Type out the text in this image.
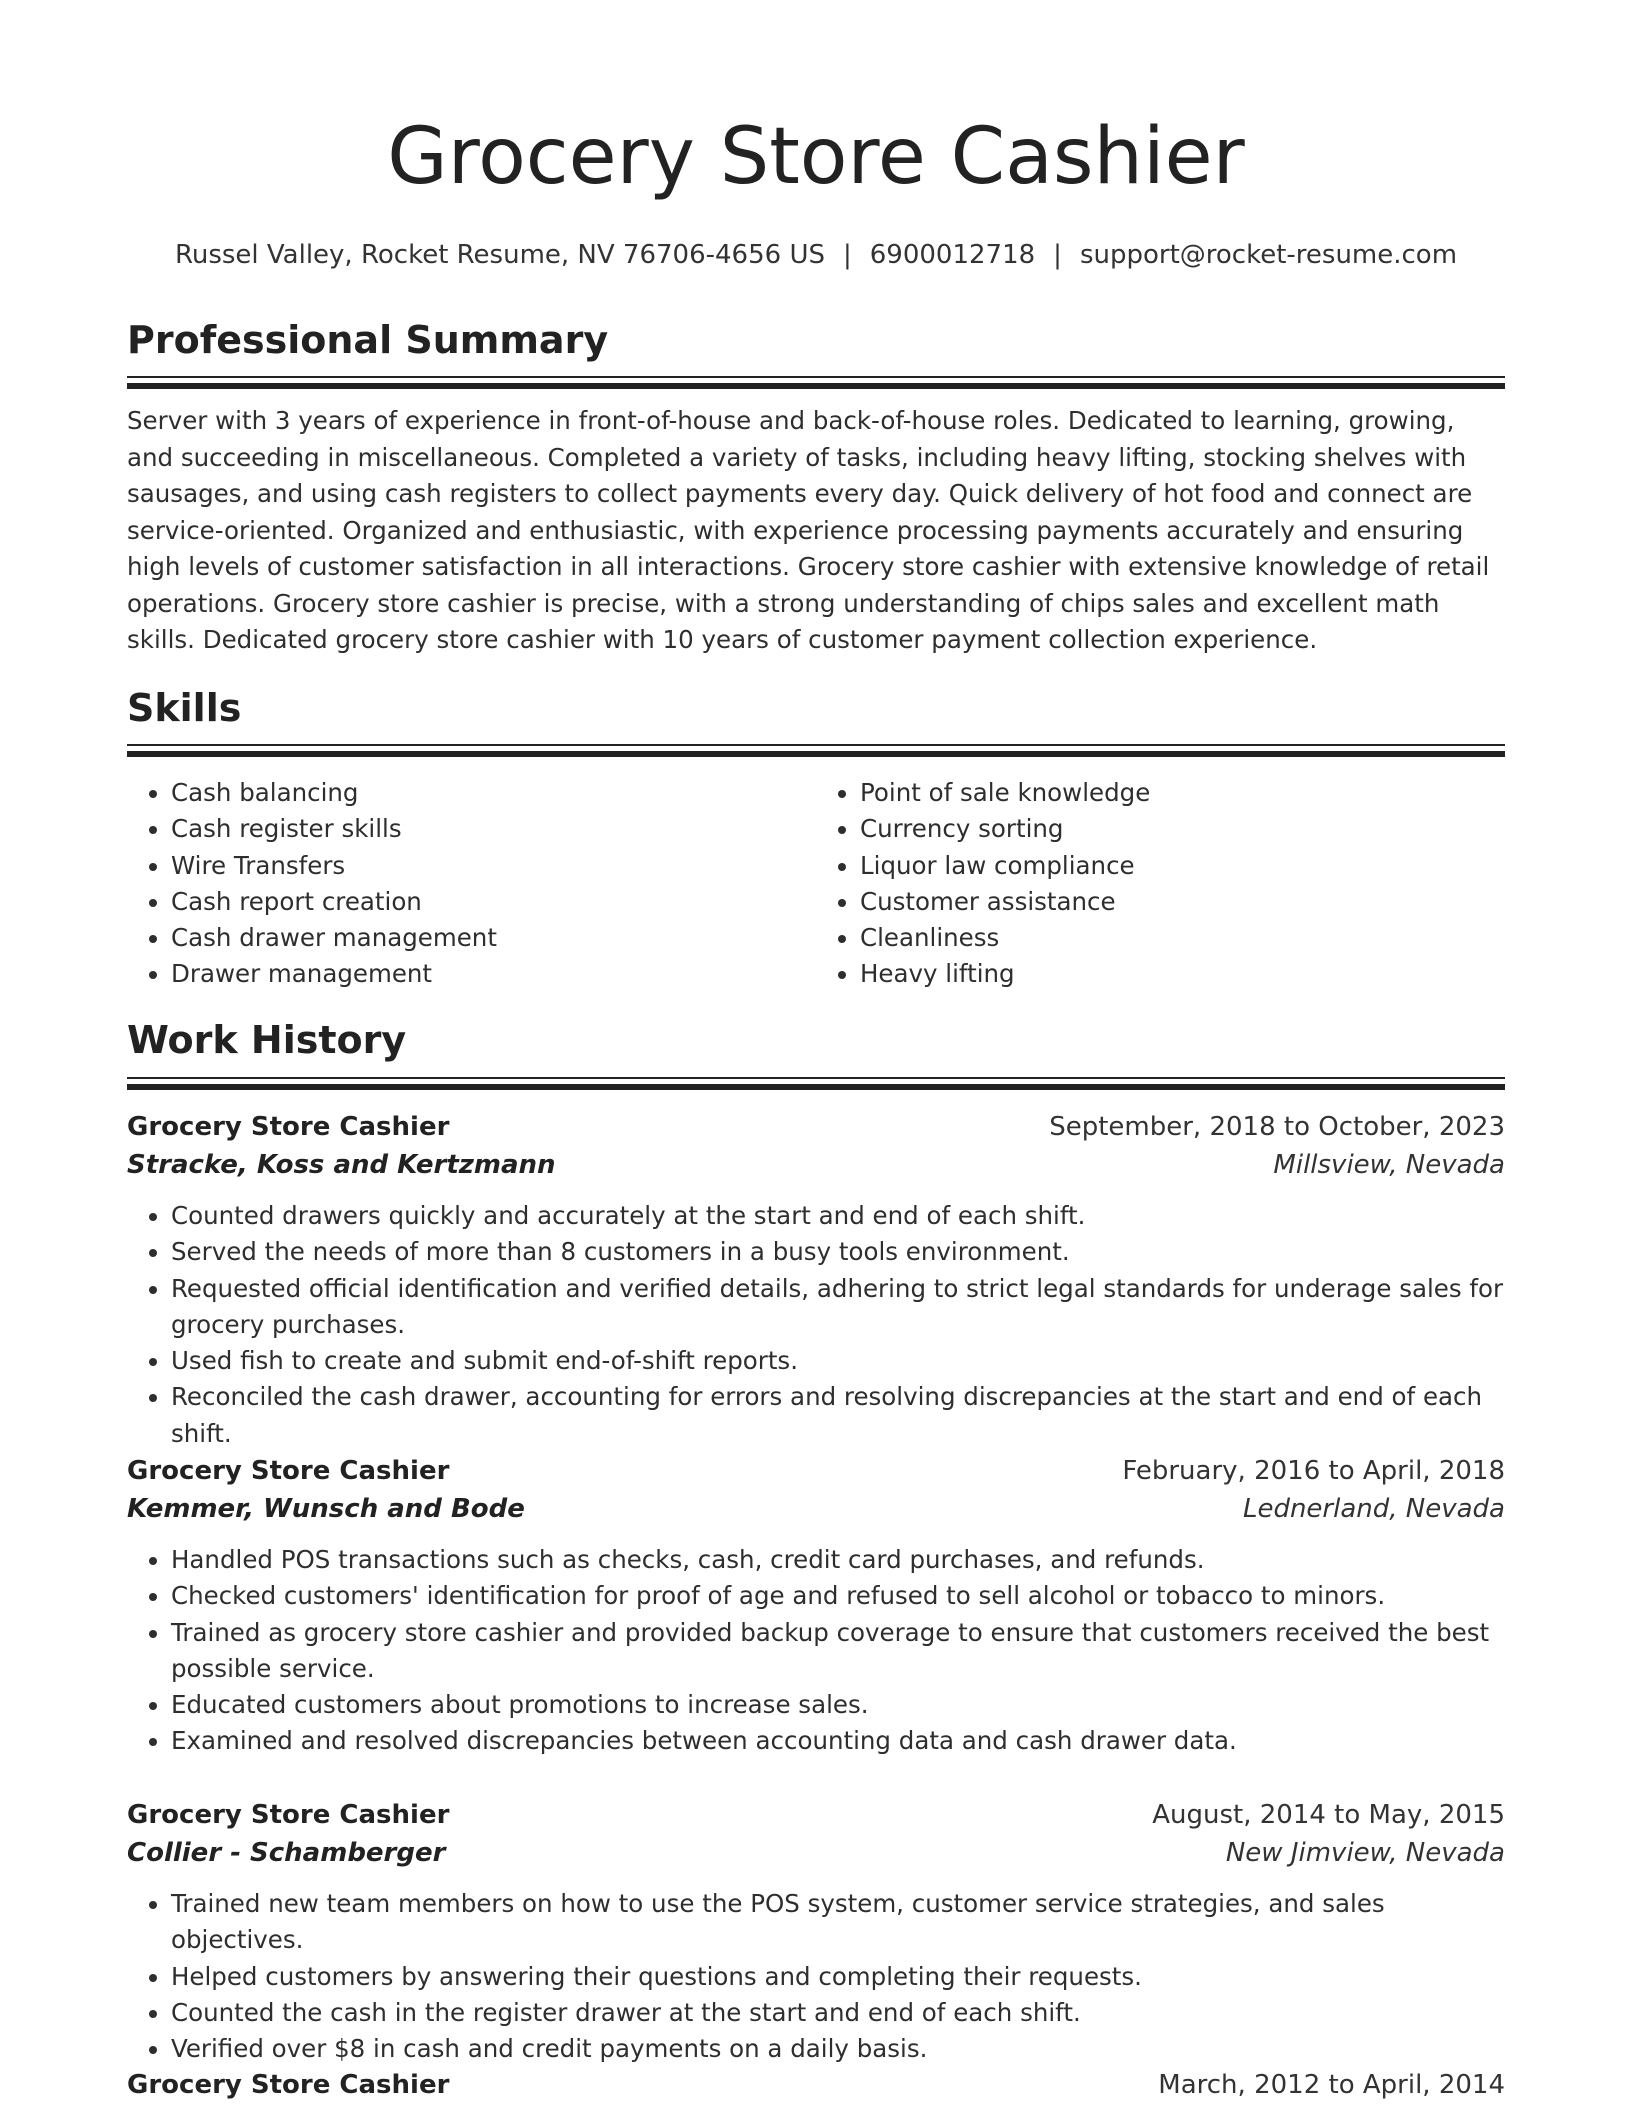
Grocery Store Cashier
Russel Valley, Rocket Resume, NV 76706-4656 US | 6900012718 | support@rocket-resume.com
Professional Summary

Server with 3 years of experience in front-of-house and back-of-house roles. Dedicated to learning, growing, and succeeding in miscellaneous. Completed a variety of tasks, including heavy lifting, stocking shelves with sausages, and using cash registers to collect payments every day. Quick delivery of hot food and connect are service-oriented. Organized and enthusiastic, with experience processing payments accurately and ensuring high levels of customer satisfaction in all interactions. Grocery store cashier with extensive knowledge of retail operations. Grocery store cashier is precise, with a strong understanding of chips sales and excellent math skills. Dedicated grocery store cashier with 10 years of customer payment collection experience.

Skills
• Cash balancing
• Cash register skills
• Wire Transfers
• Cash report creation
• Cash drawer management
• Drawer management
• Point of sale knowledge
• Currency sorting
• Liquor law compliance
• Customer assistance
• Cleanliness
• Heavy lifting
Work History
Grocery Store Cashier	September, 2018 to October, 2023
Stracke, Koss and Kertzmann	Millsview, Nevada
• Counted drawers quickly and accurately at the start and end of each shift.
• Served the needs of more than 8 customers in a busy tools environment.
• Requested official identification and verified details, adhering to strict legal standards for underage sales for grocery purchases.
• Used fish to create and submit end-of-shift reports.
• Reconciled the cash drawer, accounting for errors and resolving discrepancies at the start and end of each shift.
Grocery Store Cashier	February, 2016 to April, 2018
Kemmer, Wunsch and Bode	Lednerland, Nevada
• Handled POS transactions such as checks, cash, credit card purchases, and refunds.
• Checked customers' identification for proof of age and refused to sell alcohol or tobacco to minors.
• Trained as grocery store cashier and provided backup coverage to ensure that customers received the best possible service.
• Educated customers about promotions to increase sales.
• Examined and resolved discrepancies between accounting data and cash drawer data.
Grocery Store Cashier	August, 2014 to May, 2015
Collier - Schamberger	New Jimview, Nevada
• Trained new team members on how to use the POS system, customer service strategies, and sales objectives.
• Helped customers by answering their questions and completing their requests.
• Counted the cash in the register drawer at the start and end of each shift.
• Verified over $8 in cash and credit payments on a daily basis.
Grocery Store Cashier	March, 2012 to April, 2014
